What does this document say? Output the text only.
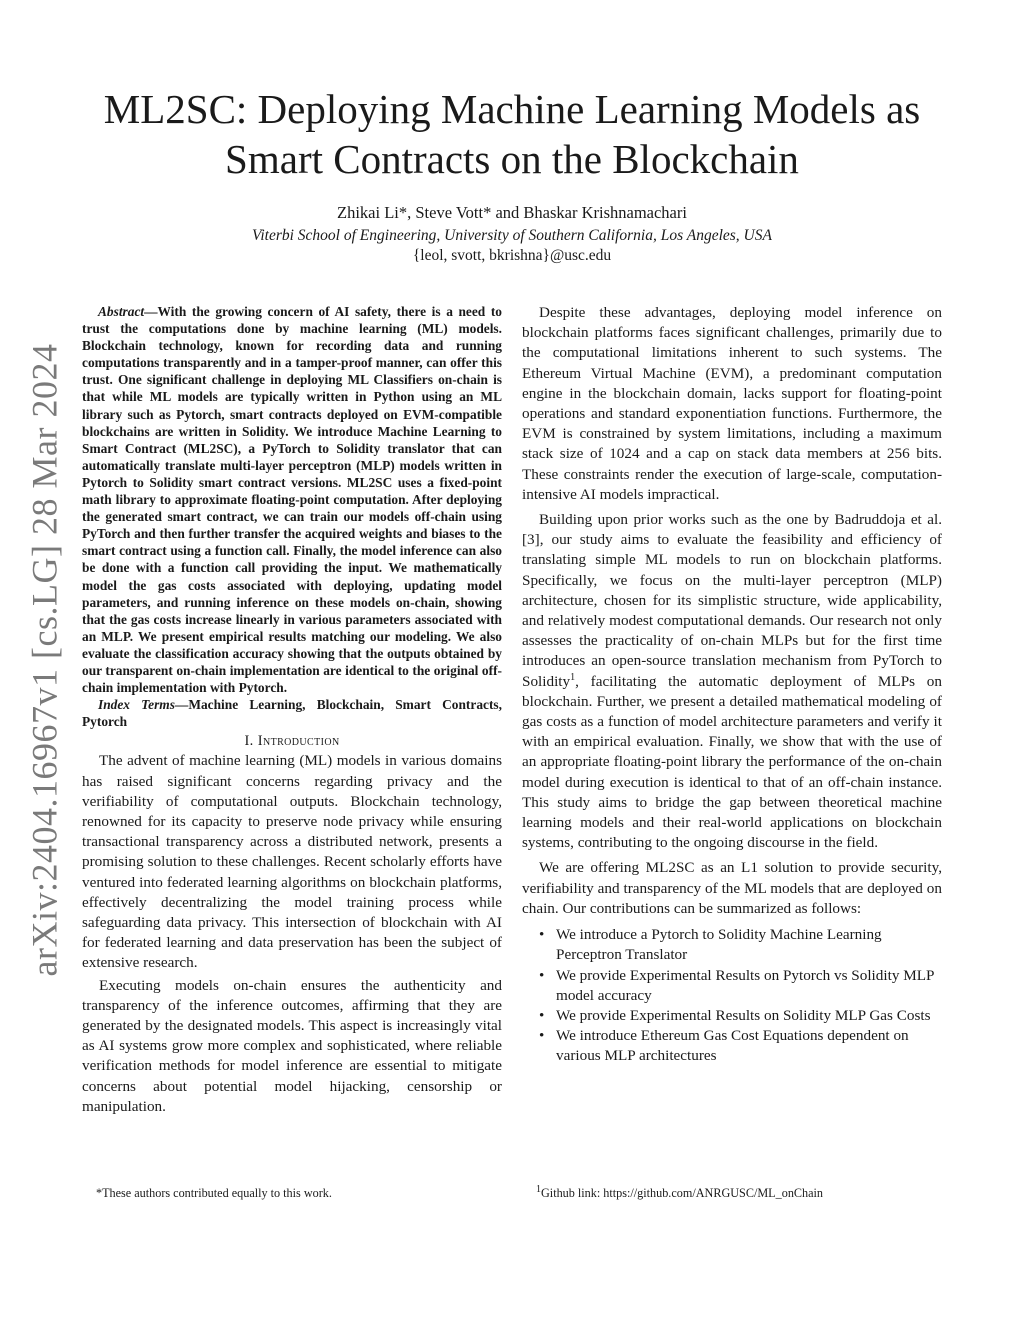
arXiv:2404.16967v1 [cs.LG] 28 Mar 2024
ML2SC: Deploying Machine Learning Models as Smart Contracts on the Blockchain
Zhikai Li*, Steve Vott* and Bhaskar Krishnamachari
Viterbi School of Engineering, University of Southern California, Los Angeles, USA
{leol, svott, bkrishna}@usc.edu

Abstract—With the growing concern of AI safety, there is a need to trust the computations done by machine learning (ML) models. Blockchain technology, known for recording data and running computations transparently and in a tamper-proof manner, can offer this trust. One significant challenge in deploying ML Classifiers on-chain is that while ML models are typically written in Python using an ML library such as Pytorch, smart contracts deployed on EVM-compatible blockchains are written in Solidity. We introduce Machine Learning to Smart Contract (ML2SC), a PyTorch to Solidity translator that can automatically translate multi-layer perceptron (MLP) models written in Pytorch to Solidity smart contract versions. ML2SC uses a fixed-point math library to approximate floating-point computation. After deploying the generated smart contract, we can train our models off-chain using PyTorch and then further transfer the acquired weights and biases to the smart contract using a function call. Finally, the model inference can also be done with a function call providing the input. We mathematically model the gas costs associated with deploying, updating model parameters, and running inference on these models on-chain, showing that the gas costs increase linearly in various parameters associated with an MLP. We present empirical results matching our modeling. We also evaluate the classification accuracy showing that the outputs obtained by our transparent on-chain implementation are identical to the original off-chain implementation with Pytorch.

Index Terms—Machine Learning, Blockchain, Smart Contracts, Pytorch

I. Introduction

The advent of machine learning (ML) models in various domains has raised significant concerns regarding privacy and the verifiability of computational outputs. Blockchain technology, renowned for its capacity to preserve node privacy while ensuring transactional transparency across a distributed network, presents a promising solution to these challenges. Recent scholarly efforts have ventured into federated learning algorithms on blockchain platforms, effectively decentralizing the model training process while safeguarding data privacy. This intersection of blockchain with AI for federated learning and data preservation has been the subject of extensive research.

Executing models on-chain ensures the authenticity and transparency of the inference outcomes, affirming that they are generated by the designated models. This aspect is increasingly vital as AI systems grow more complex and sophisticated, where reliable verification methods for model inference are essential to mitigate concerns about potential model hijacking, censorship or manipulation.

Despite these advantages, deploying model inference on blockchain platforms faces significant challenges, primarily due to the computational limitations inherent to such systems. The Ethereum Virtual Machine (EVM), a predominant computation engine in the blockchain domain, lacks support for floating-point operations and standard exponentiation functions. Furthermore, the EVM is constrained by system limitations, including a maximum stack size of 1024 and a cap on stack data members at 256 bits. These constraints render the execution of large-scale, computation-intensive AI models impractical.

Building upon prior works such as the one by Badruddoja et al. [3], our study aims to evaluate the feasibility and efficiency of translating simple ML models to run on blockchain platforms. Specifically, we focus on the multi-layer perceptron (MLP) architecture, chosen for its simplistic structure, wide applicability, and relatively modest computational demands. Our research not only assesses the practicality of on-chain MLPs but for the first time introduces an open-source translation mechanism from PyTorch to Solidity$^1$, facilitating the automatic deployment of MLPs on blockchain. Further, we present a detailed mathematical modeling of gas costs as a function of model architecture parameters and verify it with an empirical evaluation. Finally, we show that with the use of an appropriate floating-point library the performance of the on-chain model during execution is identical to that of an off-chain instance. This study aims to bridge the gap between theoretical machine learning models and their real-world applications on blockchain systems, contributing to the ongoing discourse in the field.

We are offering ML2SC as an L1 solution to provide security, verifiability and transparency of the ML models that are deployed on chain. Our contributions can be summarized as follows:

• We introduce a Pytorch to Solidity Machine Learning Perceptron Translator
• We provide Experimental Results on Pytorch vs Solidity MLP model accuracy
• We provide Experimental Results on Solidity MLP Gas Costs
• We introduce Ethereum Gas Cost Equations dependent on various MLP architectures
*These authors contributed equally to this work.	$^1$Github link: https://github.com/ANRGUSC/ML_onChain
